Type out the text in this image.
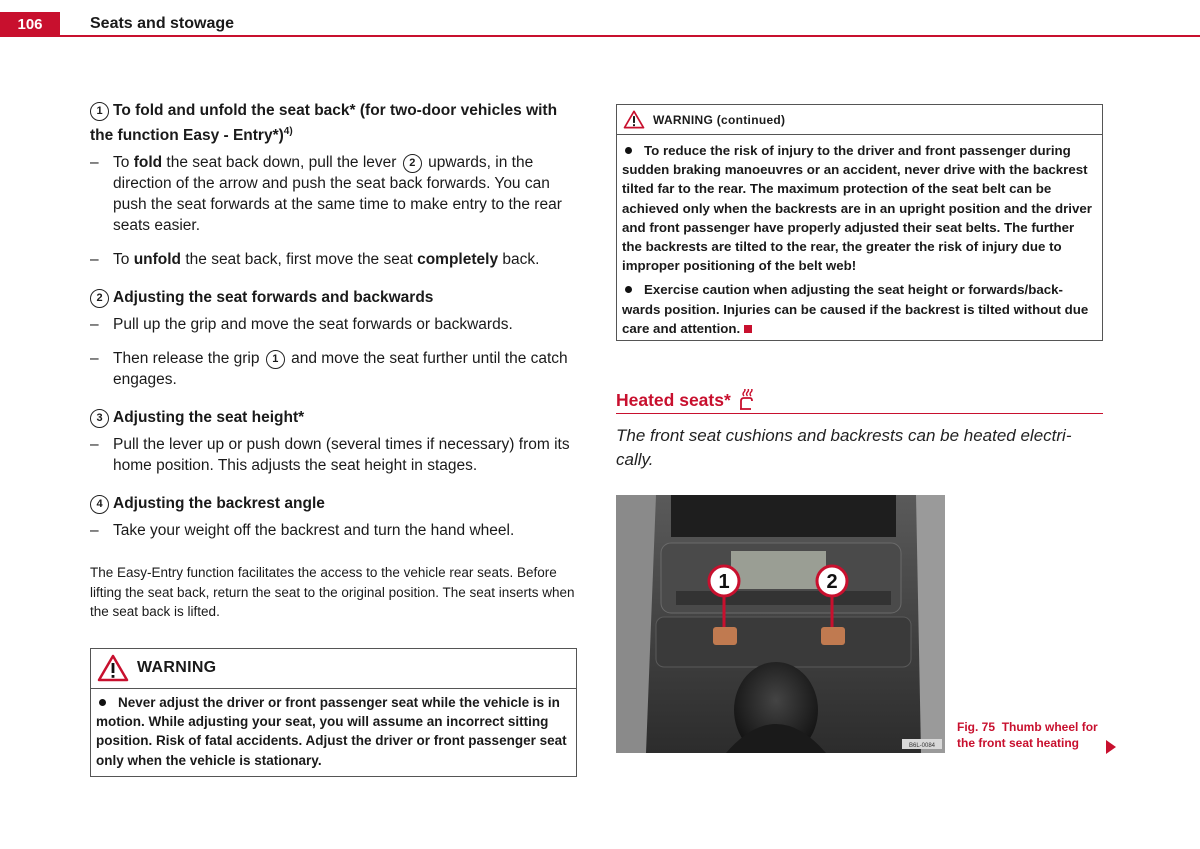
106	Seats and stowage
1 To fold and unfold the seat back* (for two-door vehicles with the function Easy - Entry*)$^{4)}$
– To fold the seat back down, pull the lever 2 upwards, in the direction of the arrow and push the seat back forwards. You can push the seat forwards at the same time to make entry to the rear seats easier.
– To unfold the seat back, first move the seat completely back.
2 Adjusting the seat forwards and backwards
– Pull up the grip and move the seat forwards or backwards.
– Then release the grip 1 and move the seat further until the catch engages.
3 Adjusting the seat height*
– Pull the lever up or push down (several times if necessary) from its home position. This adjusts the seat height in stages.
4 Adjusting the backrest angle
– Take your weight off the backrest and turn the hand wheel.

The Easy-Entry function facilitates the access to the vehicle rear seats. Before lifting the seat back, return the seat to the original position. The seat inserts when the seat back is lifted.

WARNING
Never adjust the driver or front passenger seat while the vehicle is in motion. While adjusting your seat, you will assume an incorrect sitting position. Risk of fatal accidents. Adjust the driver or front passenger seat only when the vehicle is stationary.
WARNING (continued)

To reduce the risk of injury to the driver and front passenger during sudden braking manoeuvres or an accident, never drive with the backrest tilted far to the rear. The maximum protection of the seat belt can be achieved only when the backrests are in an upright position and the driver and front passenger have properly adjusted their seat belts. The further the backrests are tilted to the rear, the greater the risk of injury due to improper positioning of the belt web!

Exercise caution when adjusting the seat height or forwards/back-wards position. Injuries can be caused if the backrest is tilted without due care and attention.

Heated seats*

The front seat cushions and backrests can be heated electri-cally.

1	2
B6L-0084
Fig. 75 Thumb wheel for the front seat heating
